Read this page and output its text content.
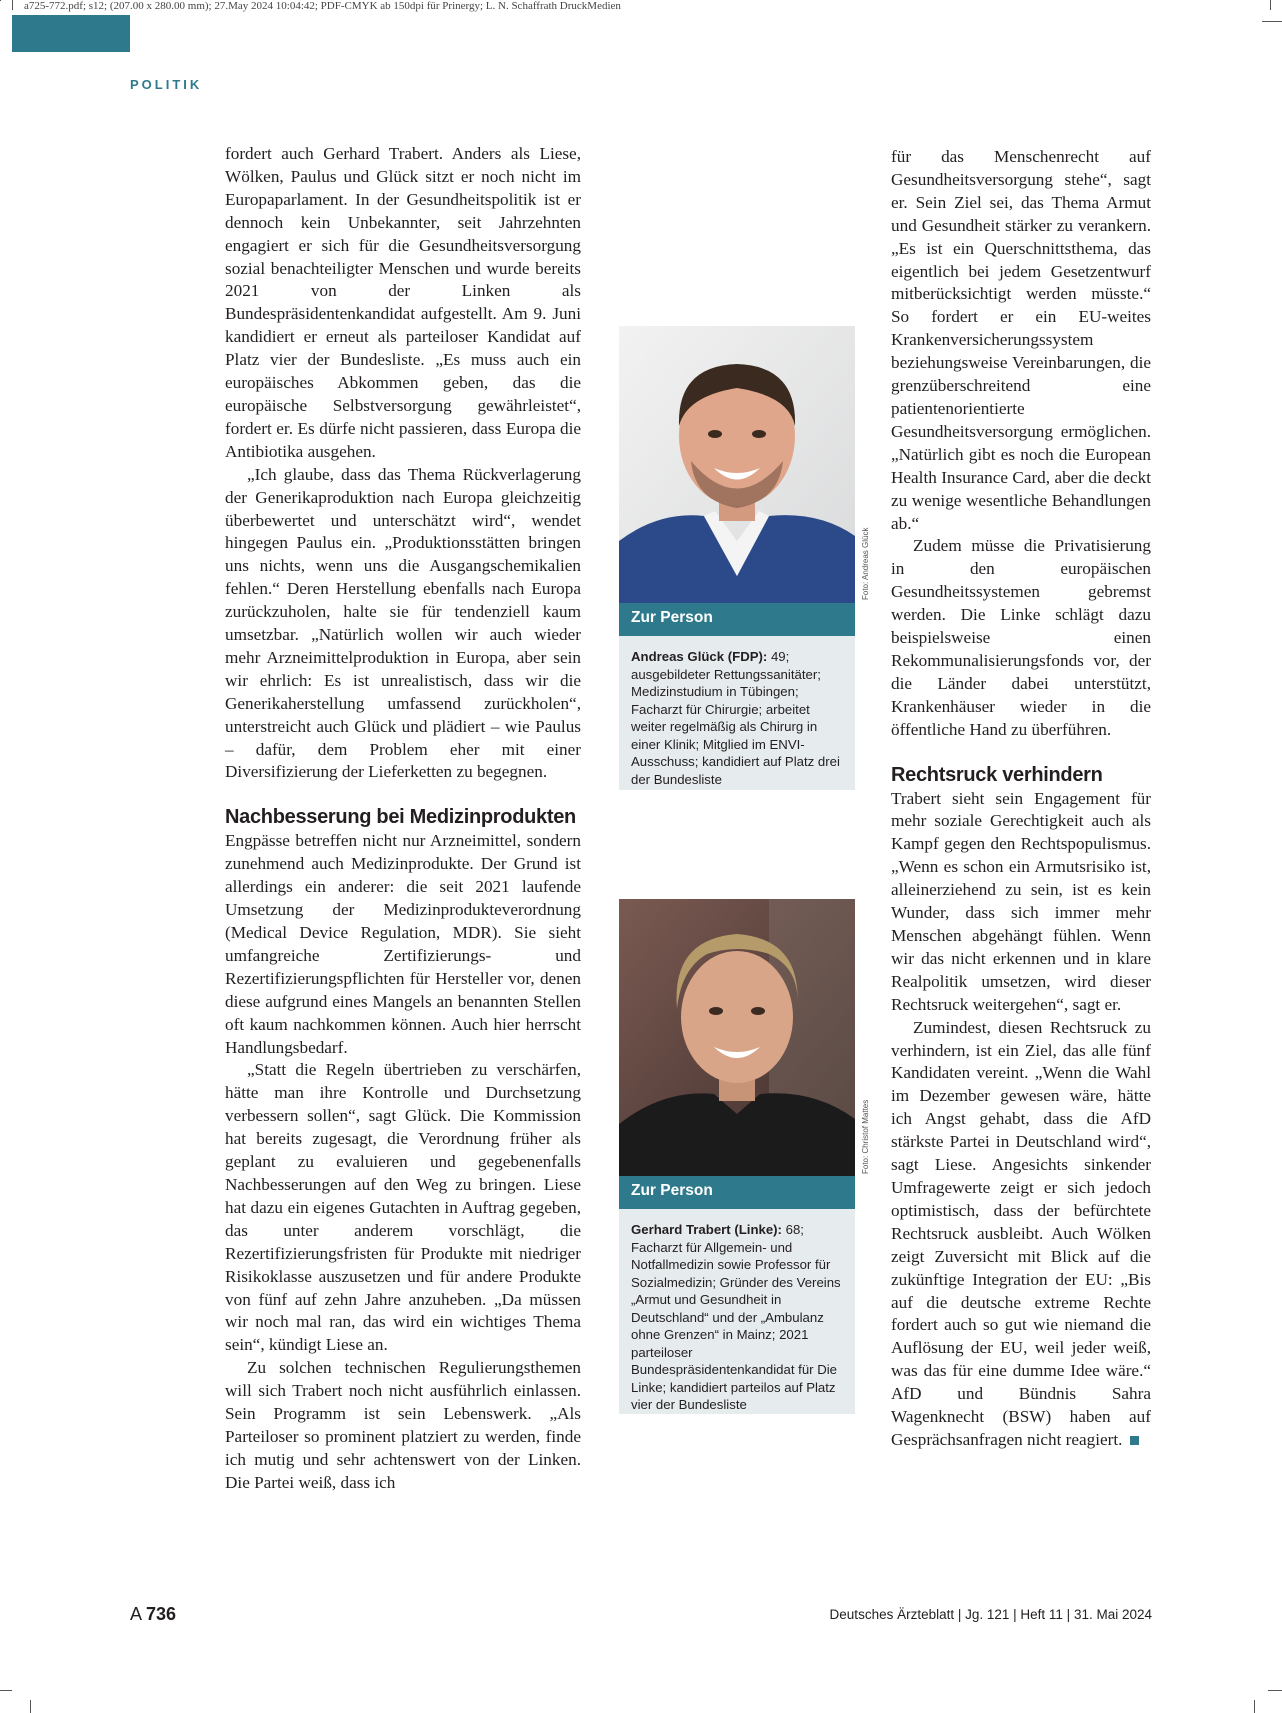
a725-772.pdf; s12; (207.00 x 280.00 mm); 27.May 2024 10:04:42; PDF-CMYK ab 150dpi für Prinergy; L. N. Schaffrath DruckMedien
POLITIK

fordert auch Gerhard Trabert. Anders als Liese, Wölken, Paulus und Glück sitzt er noch nicht im Europaparlament. In der Gesundheitspolitik ist er dennoch kein Unbekannter, seit Jahrzehnten engagiert er sich für die Gesundheitsversorgung sozial benachteiligter Menschen und wurde bereits 2021 von der Linken als Bundespräsidentenkandidat aufgestellt. Am 9. Juni kandidiert er erneut als parteiloser Kandidat auf Platz vier der Bundesliste. „Es muss auch ein europäisches Abkommen geben, das die europäische Selbstversorgung gewährleistet“, fordert er. Es dürfe nicht passieren, dass Europa die Antibiotika ausgehen.

„Ich glaube, dass das Thema Rückverlagerung der Generikaproduktion nach Europa gleichzeitig überbewertet und unterschätzt wird“, wendet hingegen Paulus ein. „Produktionsstätten bringen uns nichts, wenn uns die Ausgangschemikalien fehlen.“ Deren Herstellung ebenfalls nach Europa zurückzuholen, halte sie für tendenziell kaum umsetzbar. „Natürlich wollen wir auch wieder mehr Arzneimittelproduktion in Europa, aber sein wir ehrlich: Es ist unrealistisch, dass wir die Generikaherstellung umfassend zurückholen“, unterstreicht auch Glück und plädiert – wie Paulus – dafür, dem Problem eher mit einer Diversifizierung der Lieferketten zu begegnen.

Nachbesserung bei Medizinprodukten

Engpässe betreffen nicht nur Arzneimittel, sondern zunehmend auch Medizinprodukte. Der Grund ist allerdings ein anderer: die seit 2021 laufende Umsetzung der Medizinprodukteverordnung (Medical Device Regulation, MDR). Sie sieht umfangreiche Zertifizierungs- und Rezertifizierungspflichten für Hersteller vor, denen diese aufgrund eines Mangels an benannten Stellen oft kaum nachkommen können. Auch hier herrscht Handlungsbedarf.

„Statt die Regeln übertrieben zu verschärfen, hätte man ihre Kontrolle und Durchsetzung verbessern sollen“, sagt Glück. Die Kommission hat bereits zugesagt, die Verordnung früher als geplant zu evaluieren und gegebenenfalls Nachbesserungen auf den Weg zu bringen. Liese hat dazu ein eigenes Gutachten in Auftrag gegeben, das unter anderem vorschlägt, die Rezertifizierungsfristen für Produkte mit niedriger Risikoklasse auszusetzen und für andere Produkte von fünf auf zehn Jahre anzuheben. „Da müssen wir noch mal ran, das wird ein wichtiges Thema sein“, kündigt Liese an.

Zu solchen technischen Regulierungsthemen will sich Trabert noch nicht ausführlich einlassen. Sein Programm ist sein Lebenswerk. „Als Parteiloser so prominent platziert zu werden, finde ich mutig und sehr achtenswert von der Linken. Die Partei weiß, dass ich

Foto: Andreas Glück
Zur Person
Andreas Glück (FDP): 49; ausgebildeter Rettungssanitäter; Medizinstudium in Tübingen; Facharzt für Chirurgie; arbeitet weiter regelmäßig als Chirurg in einer Klinik; Mitglied im ENVI-Ausschuss; kandidiert auf Platz drei der Bundesliste
Foto: Christof Mattes
Zur Person
Gerhard Trabert (Linke): 68; Facharzt für Allgemein- und Notfallmedizin sowie Professor für Sozialmedizin; Gründer des Vereins „Armut und Gesundheit in Deutschland“ und der „Ambulanz ohne Grenzen“ in Mainz; 2021 parteiloser Bundespräsidentenkandidat für Die Linke; kandidiert parteilos auf Platz vier der Bundesliste

für das Menschenrecht auf Gesundheitsversorgung stehe“, sagt er. Sein Ziel sei, das Thema Armut und Gesundheit stärker zu verankern. „Es ist ein Querschnittsthema, das eigentlich bei jedem Gesetzentwurf mitberücksichtigt werden müsste.“ So fordert er ein EU-weites Krankenversicherungssystem beziehungsweise Vereinbarungen, die grenzüberschreitend eine patientenorientierte Gesundheitsversorgung ermöglichen. „Natürlich gibt es noch die European Health Insurance Card, aber die deckt zu wenige wesentliche Behandlungen ab.“

Zudem müsse die Privatisierung in den europäischen Gesundheitssystemen gebremst werden. Die Linke schlägt dazu beispielsweise einen Rekommunalisierungsfonds vor, der die Länder dabei unterstützt, Krankenhäuser wieder in die öffentliche Hand zu überführen.

Rechtsruck verhindern

Trabert sieht sein Engagement für mehr soziale Gerechtigkeit auch als Kampf gegen den Rechtspopulismus. „Wenn es schon ein Armutsrisiko ist, alleinerziehend zu sein, ist es kein Wunder, dass sich immer mehr Menschen abgehängt fühlen. Wenn wir das nicht erkennen und in klare Realpolitik umsetzen, wird dieser Rechtsruck weitergehen“, sagt er.

Zumindest, diesen Rechtsruck zu verhindern, ist ein Ziel, das alle fünf Kandidaten vereint. „Wenn die Wahl im Dezember gewesen wäre, hätte ich Angst gehabt, dass die AfD stärkste Partei in Deutschland wird“, sagt Liese. Angesichts sinkender Umfragewerte zeigt er sich jedoch optimistisch, dass der befürchtete Rechtsruck ausbleibt. Auch Wölken zeigt Zuversicht mit Blick auf die zukünftige Integration der EU: „Bis auf die deutsche extreme Rechte fordert auch so gut wie niemand die Auflösung der EU, weil jeder weiß, was das für eine dumme Idee wäre.“ AfD und Bündnis Sahra Wagenknecht (BSW) haben auf Gesprächsanfragen nicht reagiert.

A 736	Deutsches Ärzteblatt | Jg. 121 | Heft 11 | 31. Mai 2024
